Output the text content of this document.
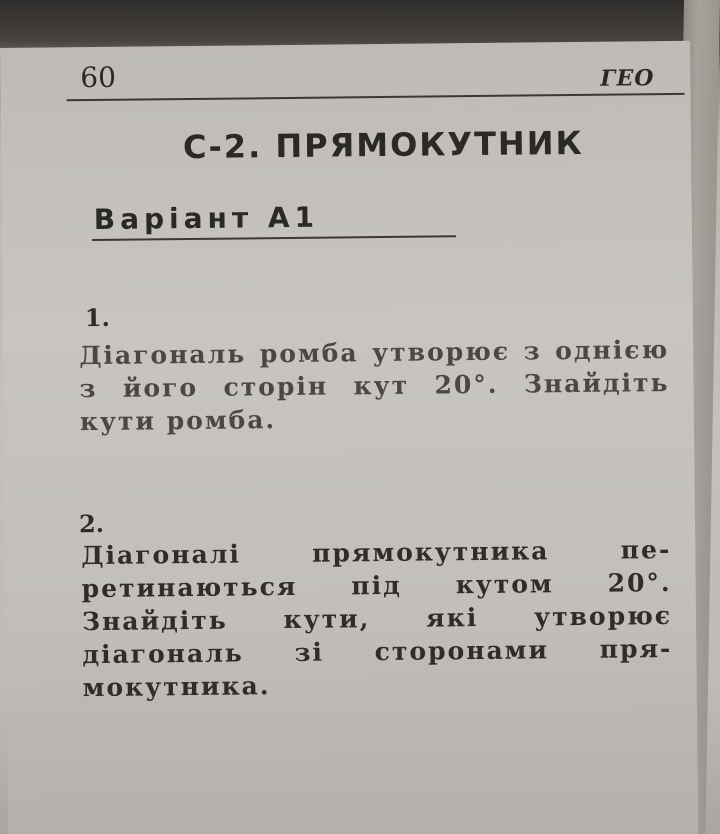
60	ГЕО
С-2. ПРЯМОКУТНИК
Варіант А1
1.
Діагональ ромба утворює з однією з його сторін кут 20°. Знайдіть кути ромба.
2.
Діагоналі прямокутника пе-ретинаються під кутом 20°. Знайдіть кути, які утворює діагональ зі сторонами пря-мокутника.
